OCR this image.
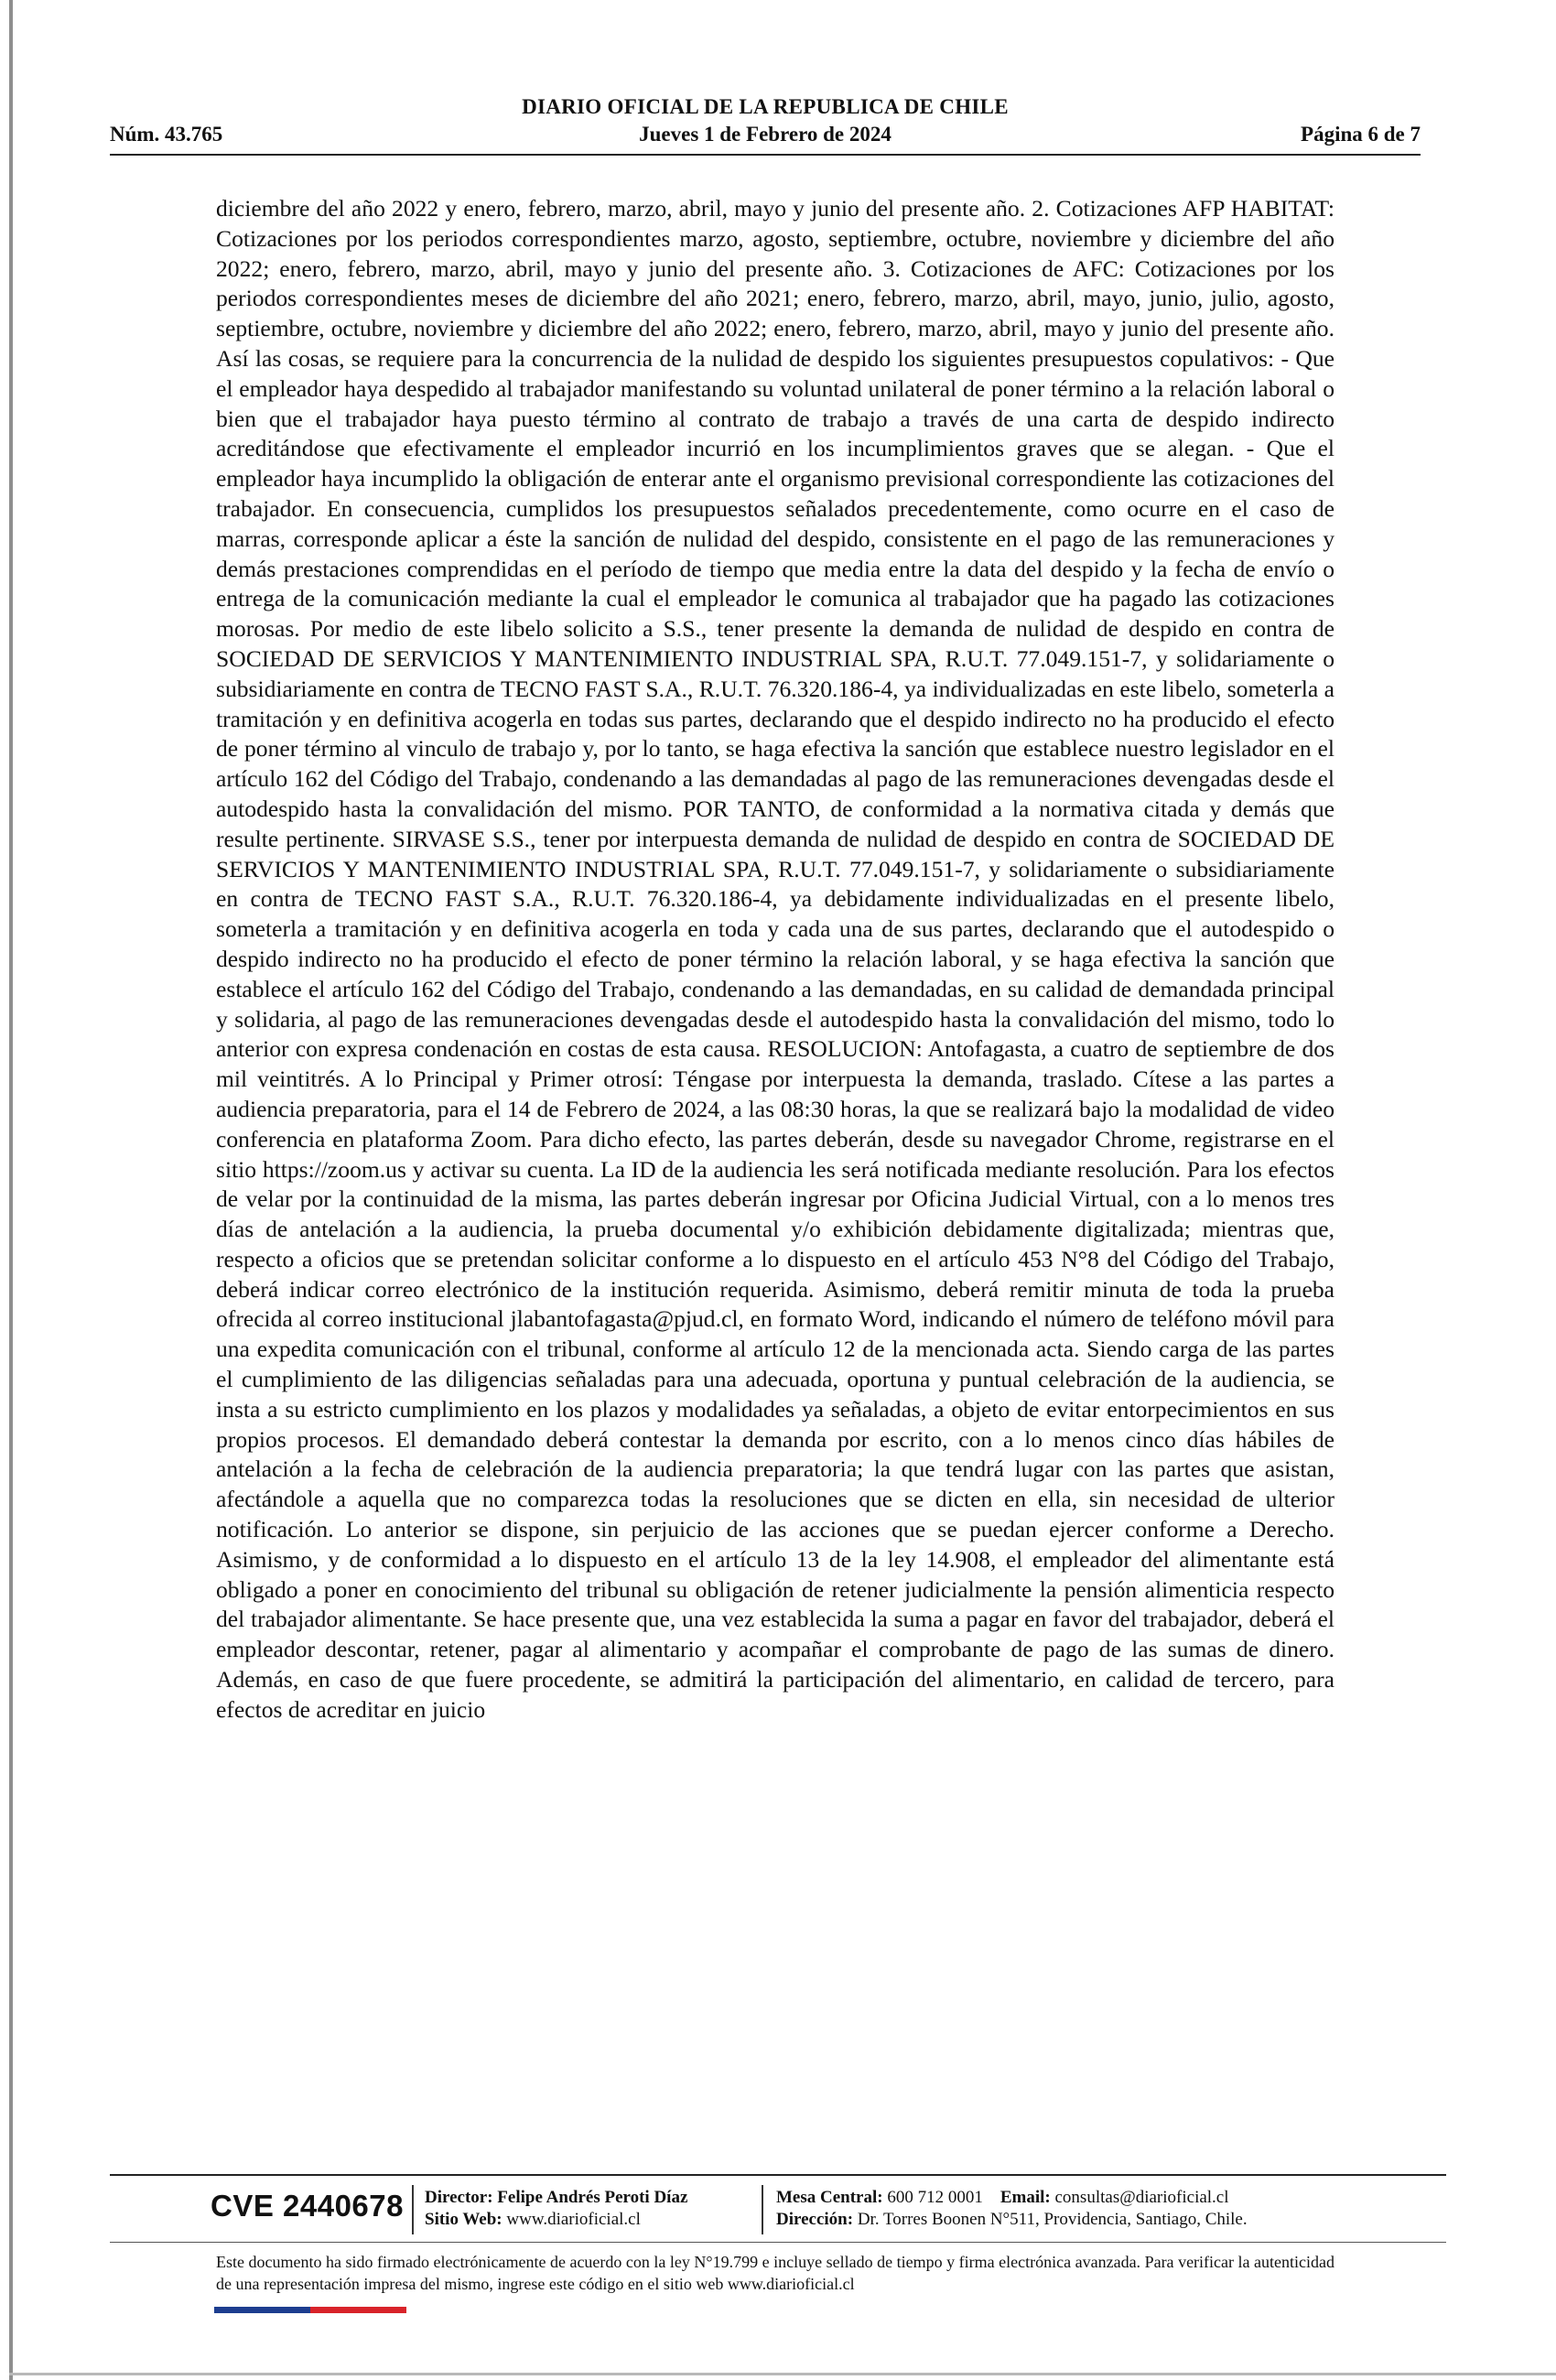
DIARIO OFICIAL DE LA REPUBLICA DE CHILE
Núm. 43.765	Jueves 1 de Febrero de 2024	Página 6 de 7
diciembre del año 2022 y enero, febrero, marzo, abril, mayo y junio del presente año. 2. Cotizaciones AFP HABITAT: Cotizaciones por los periodos correspondientes marzo, agosto, septiembre, octubre, noviembre y diciembre del año 2022; enero, febrero, marzo, abril, mayo y junio del presente año. 3. Cotizaciones de AFC: Cotizaciones por los periodos correspondientes meses de diciembre del año 2021; enero, febrero, marzo, abril, mayo, junio, julio, agosto, septiembre, octubre, noviembre y diciembre del año 2022; enero, febrero, marzo, abril, mayo y junio del presente año. Así las cosas, se requiere para la concurrencia de la nulidad de despido los siguientes presupuestos copulativos: - Que el empleador haya despedido al trabajador manifestando su voluntad unilateral de poner término a la relación laboral o bien que el trabajador haya puesto término al contrato de trabajo a través de una carta de despido indirecto acreditándose que efectivamente el empleador incurrió en los incumplimientos graves que se alegan. - Que el empleador haya incumplido la obligación de enterar ante el organismo previsional correspondiente las cotizaciones del trabajador. En consecuencia, cumplidos los presupuestos señalados precedentemente, como ocurre en el caso de marras, corresponde aplicar a éste la sanción de nulidad del despido, consistente en el pago de las remuneraciones y demás prestaciones comprendidas en el período de tiempo que media entre la data del despido y la fecha de envío o entrega de la comunicación mediante la cual el empleador le comunica al trabajador que ha pagado las cotizaciones morosas. Por medio de este libelo solicito a S.S., tener presente la demanda de nulidad de despido en contra de SOCIEDAD DE SERVICIOS Y MANTENIMIENTO INDUSTRIAL SPA, R.U.T. 77.049.151-7, y solidariamente o subsidiariamente en contra de TECNO FAST S.A., R.U.T. 76.320.186-4, ya individualizadas en este libelo, someterla a tramitación y en definitiva acogerla en todas sus partes, declarando que el despido indirecto no ha producido el efecto de poner término al vinculo de trabajo y, por lo tanto, se haga efectiva la sanción que establece nuestro legislador en el artículo 162 del Código del Trabajo, condenando a las demandadas al pago de las remuneraciones devengadas desde el autodespido hasta la convalidación del mismo. POR TANTO, de conformidad a la normativa citada y demás que resulte pertinente. SIRVASE S.S., tener por interpuesta demanda de nulidad de despido en contra de SOCIEDAD DE SERVICIOS Y MANTENIMIENTO INDUSTRIAL SPA, R.U.T. 77.049.151-7, y solidariamente o subsidiariamente en contra de TECNO FAST S.A., R.U.T. 76.320.186-4, ya debidamente individualizadas en el presente libelo, someterla a tramitación y en definitiva acogerla en toda y cada una de sus partes, declarando que el autodespido o despido indirecto no ha producido el efecto de poner término la relación laboral, y se haga efectiva la sanción que establece el artículo 162 del Código del Trabajo, condenando a las demandadas, en su calidad de demandada principal y solidaria, al pago de las remuneraciones devengadas desde el autodespido hasta la convalidación del mismo, todo lo anterior con expresa condenación en costas de esta causa. RESOLUCION: Antofagasta, a cuatro de septiembre de dos mil veintitrés. A lo Principal y Primer otrosí: Téngase por interpuesta la demanda, traslado. Cítese a las partes a audiencia preparatoria, para el 14 de Febrero de 2024, a las 08:30 horas, la que se realizará bajo la modalidad de video conferencia en plataforma Zoom. Para dicho efecto, las partes deberán, desde su navegador Chrome, registrarse en el sitio https://zoom.us y activar su cuenta. La ID de la audiencia les será notificada mediante resolución. Para los efectos de velar por la continuidad de la misma, las partes deberán ingresar por Oficina Judicial Virtual, con a lo menos tres días de antelación a la audiencia, la prueba documental y/o exhibición debidamente digitalizada; mientras que, respecto a oficios que se pretendan solicitar conforme a lo dispuesto en el artículo 453 N°8 del Código del Trabajo, deberá indicar correo electrónico de la institución requerida. Asimismo, deberá remitir minuta de toda la prueba ofrecida al correo institucional jlabantofagasta@pjud.cl, en formato Word, indicando el número de teléfono móvil para una expedita comunicación con el tribunal, conforme al artículo 12 de la mencionada acta. Siendo carga de las partes el cumplimiento de las diligencias señaladas para una adecuada, oportuna y puntual celebración de la audiencia, se insta a su estricto cumplimiento en los plazos y modalidades ya señaladas, a objeto de evitar entorpecimientos en sus propios procesos. El demandado deberá contestar la demanda por escrito, con a lo menos cinco días hábiles de antelación a la fecha de celebración de la audiencia preparatoria; la que tendrá lugar con las partes que asistan, afectándole a aquella que no comparezca todas la resoluciones que se dicten en ella, sin necesidad de ulterior notificación. Lo anterior se dispone, sin perjuicio de las acciones que se puedan ejercer conforme a Derecho. Asimismo, y de conformidad a lo dispuesto en el artículo 13 de la ley 14.908, el empleador del alimentante está obligado a poner en conocimiento del tribunal su obligación de retener judicialmente la pensión alimenticia respecto del trabajador alimentante. Se hace presente que, una vez establecida la suma a pagar en favor del trabajador, deberá el empleador descontar, retener, pagar al alimentario y acompañar el comprobante de pago de las sumas de dinero. Además, en caso de que fuere procedente, se admitirá la participación del alimentario, en calidad de tercero, para efectos de acreditar en juicio
CVE 2440678 Director: Felipe Andrés Peroti Díaz
Sitio Web: www.diarioficial.cl
Mesa Central: 600 712 0001 Email: consultas@diarioficial.cl
Dirección: Dr. Torres Boonen N°511, Providencia, Santiago, Chile.
Este documento ha sido firmado electrónicamente de acuerdo con la ley N°19.799 e incluye sellado de tiempo y firma electrónica avanzada. Para verificar la autenticidad de una representación impresa del mismo, ingrese este código en el sitio web www.diarioficial.cl
